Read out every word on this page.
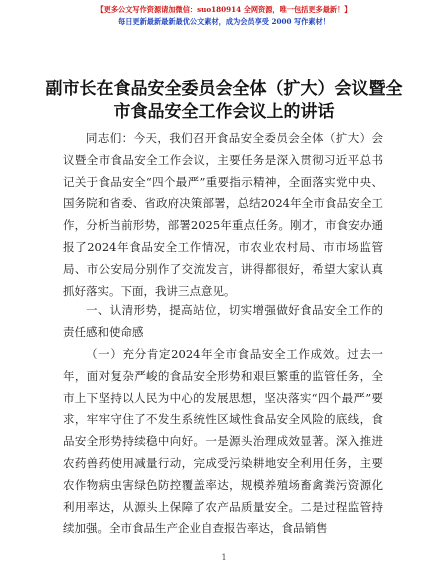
【更多公文写作资源请加微信：suo180914 全网资源，唯一包括更多最新！】
每日更新最新最新最优公文素材，成为会员享受 2000 写作素材！
副市长在食品安全委员会全体（扩大）会议暨全市食品安全工作会议上的讲话
同志们：今天，我们召开食品安全委员会全体（扩大）会议暨全市食品安全工作会议，主要任务是深入贯彻习近平总书记关于食品安全“四个最严”重要指示精神，全面落实党中央、国务院和省委、省政府决策部署，总结2024年全市食品安全工作，分析当前形势，部署2025年重点任务。刚才，市食安办通报了2024年食品安全工作情况，市农业农村局、市市场监管局、市公安局分别作了交流发言，讲得都很好，希望大家认真抓好落实。下面，我讲三点意见。
一、认清形势，提高站位，切实增强做好食品安全工作的责任感和使命感
（一）充分肯定2024年全市食品安全工作成效。过去一年，面对复杂严峻的食品安全形势和艰巨繁重的监管任务，全市上下坚持以人民为中心的发展思想，坚决落实“四个最严”要求，牢牢守住了不发生系统性区域性食品安全风险的底线，食品安全形势持续稳中向好。一是源头治理成效显著。深入推进农药兽药使用减量行动，完成受污染耕地安全利用任务，主要农作物病虫害绿色防控覆盖率达，规模养殖场畜禽粪污资源化利用率达，从源头上保障了农产品质量安全。二是过程监管持续加强。全市食品生产企业自查报告率达，食品销售
1
